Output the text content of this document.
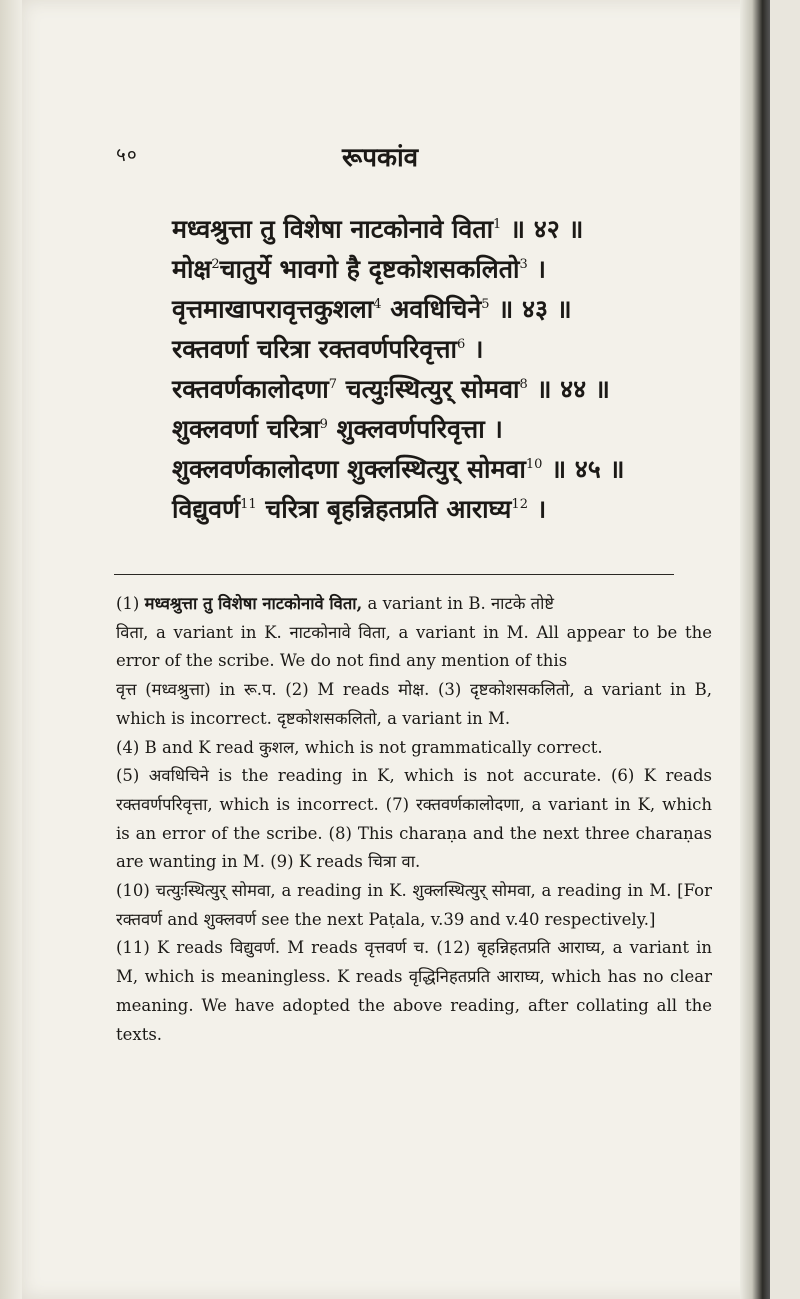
५०	रूपकांव
मध्वश्रुत्ता तु विशेषा नाटकोनावे विता$^1$ ॥ ४२ ॥
मोक्ष$^2$चातुर्ये भावगो है दृष्टकोशसकलितो$^3$ ।
वृत्तमाखापरावृत्तकुशला$^4$ अवधिचिने$^5$ ॥ ४३ ॥
रक्तवर्णा चरित्रा रक्तवर्णपरिवृत्ता$^6$ ।
रक्तवर्णकालोदणा$^7$ चत्युःस्थित्युर् सोमवा$^8$ ॥ ४४ ॥
शुक्लवर्णा चरित्रा$^9$ शुक्लवर्णपरिवृत्ता ।
शुक्लवर्णकालोदणा शुक्लस्थित्युर् सोमवा$^{10}$ ॥ ४५ ॥
विद्युवर्ण$^{11}$ चरित्रा बृहन्निहतप्रति आराघ्य$^{12}$ ।

(1) मध्वश्रुत्ता तु विशेषा नाटकोनावे विता, a variant in B. नाटके तोष्टे

विता, a variant in K. नाटकोनावे विता, a variant in M. All appear to be the error of the scribe. We do not find any mention of this

वृत्त (मध्वश्रुत्ता) in रू.प. (2) M reads मोक्ष. (3) दृष्टकोशसकलितो, a variant in B, which is incorrect. दृष्टकोशसकलितो, a variant in M.

(4) B and K read कुशल, which is not grammatically correct.

(5) अवधिचिने is the reading in K, which is not accurate. (6) K reads रक्तवर्णपरिवृत्ता, which is incorrect. (7) रक्तवर्णकालोदणा, a variant in K, which is an error of the scribe. (8) This charaṇa and the next three charaṇas are wanting in M. (9) K reads चित्रा वा.

(10) चत्युःस्थित्युर् सोमवा, a reading in K. शुक्लस्थित्युर् सोमवा, a reading in M. [For रक्तवर्ण and शुक्लवर्ण see the next Paṭala, v.39 and v.40 respectively.]

(11) K reads विद्युवर्ण. M reads वृत्तवर्ण च. (12) बृहन्निहतप्रति आराघ्य, a variant in M, which is meaningless. K reads वृद्धिनिहतप्रति आराघ्य, which has no clear meaning. We have adopted the above reading, after collating all the texts.
